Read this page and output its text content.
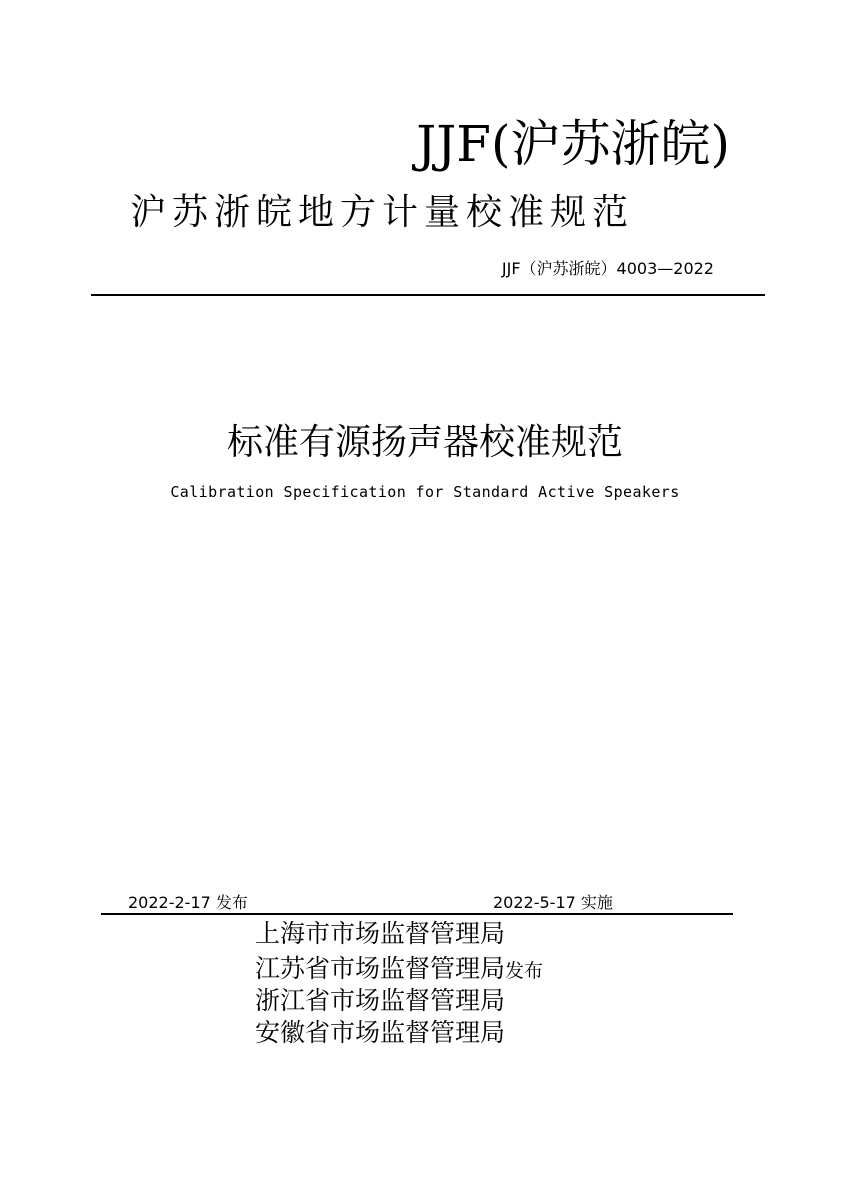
JJF(沪苏浙皖)
沪苏浙皖地方计量校准规范
JJF（沪苏浙皖）4003—2022
标准有源扬声器校准规范
Calibration Specification for Standard Active Speakers
2022-2-17 发布	2022-5-17 实施
上海市市场监督管理局
江苏省市场监督管理局发布
浙江省市场监督管理局
安徽省市场监督管理局
